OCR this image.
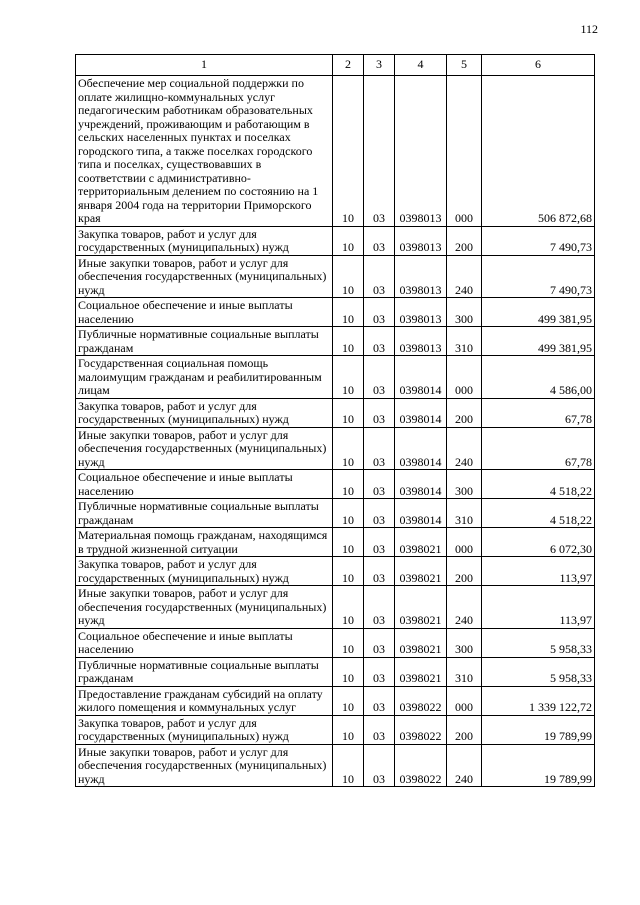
112
1	2	3	4	5	6
Обеспечение мер социальной поддержки по оплате жилищно-коммунальных услуг педагогическим работникам образовательных учреждений, проживающим и работающим в сельских населенных пунктах и поселках городского типа, а также поселках городского типа и поселках, существовавших в соответствии с административно-территориальным делением по состоянию на 1 января 2004 года на территории Приморского края	10	03	0398013	000	506 872,68
Закупка товаров, работ и услуг для государственных (муниципальных) нужд	10	03	0398013	200	7 490,73
Иные закупки товаров, работ и услуг для обеспечения государственных (муниципальных) нужд	10	03	0398013	240	7 490,73
Социальное обеспечение и иные выплаты населению	10	03	0398013	300	499 381,95
Публичные нормативные социальные выплаты гражданам	10	03	0398013	310	499 381,95
Государственная социальная помощь малоимущим гражданам и реабилитированным лицам	10	03	0398014	000	4 586,00
Закупка товаров, работ и услуг для государственных (муниципальных) нужд	10	03	0398014	200	67,78
Иные закупки товаров, работ и услуг для обеспечения государственных (муниципальных) нужд	10	03	0398014	240	67,78
Социальное обеспечение и иные выплаты населению	10	03	0398014	300	4 518,22
Публичные нормативные социальные выплаты гражданам	10	03	0398014	310	4 518,22
Материальная помощь гражданам, находящимся в трудной жизненной ситуации	10	03	0398021	000	6 072,30
Закупка товаров, работ и услуг для государственных (муниципальных) нужд	10	03	0398021	200	113,97
Иные закупки товаров, работ и услуг для обеспечения государственных (муниципальных) нужд	10	03	0398021	240	113,97
Социальное обеспечение и иные выплаты населению	10	03	0398021	300	5 958,33
Публичные нормативные социальные выплаты гражданам	10	03	0398021	310	5 958,33
Предоставление гражданам субсидий на оплату жилого помещения и коммунальных услуг	10	03	0398022	000	1 339 122,72
Закупка товаров, работ и услуг для государственных (муниципальных) нужд	10	03	0398022	200	19 789,99
Иные закупки товаров, работ и услуг для обеспечения государственных (муниципальных) нужд	10	03	0398022	240	19 789,99
